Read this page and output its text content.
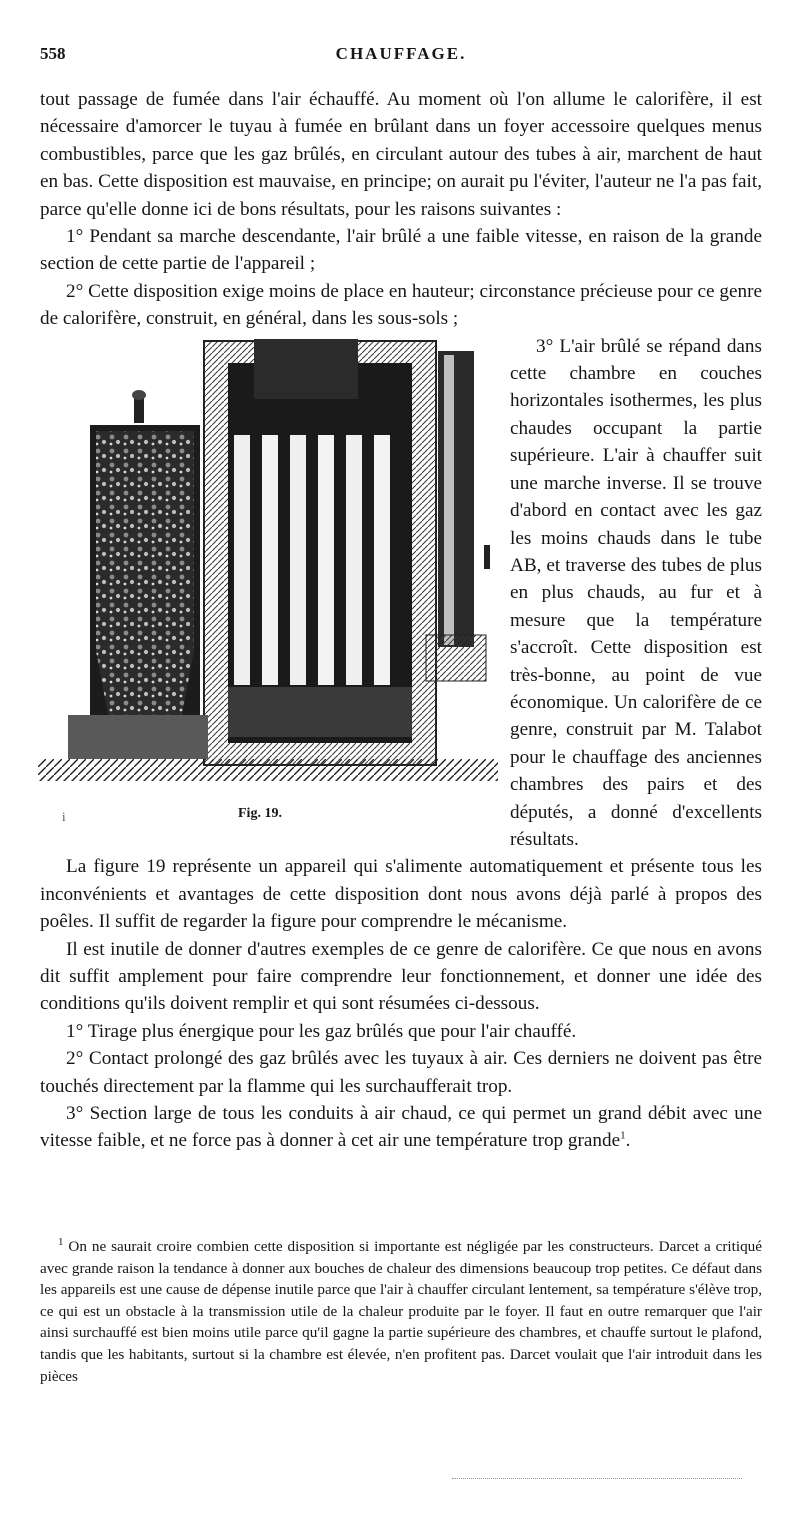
558	CHAUFFAGE.

tout passage de fumée dans l'air échauffé. Au moment où l'on allume le calorifère, il est nécessaire d'amorcer le tuyau à fumée en brûlant dans un foyer accessoire quelques menus combustibles, parce que les gaz brûlés, en circulant autour des tubes à air, marchent de haut en bas. Cette disposition est mauvaise, en principe; on aurait pu l'éviter, l'auteur ne l'a pas fait, parce qu'elle donne ici de bons résultats, pour les raisons suivantes :

1° Pendant sa marche descendante, l'air brûlé a une faible vitesse, en raison de la grande section de cette partie de l'appareil ;

2° Cette disposition exige moins de place en hauteur; circonstance précieuse pour ce genre de calorifère, construit, en général, dans les sous-sols ;

i	Fig. 19.

3° L'air brûlé se répand dans cette chambre en couches horizontales isothermes, les plus chaudes occupant la partie supérieure. L'air à chauffer suit une marche inverse. Il se trouve d'abord en contact avec les gaz les moins chauds dans le tube AB, et traverse des tubes de plus en plus chauds, au fur et à mesure que la température s'accroît. Cette disposition est très-bonne, au point de vue économique. Un calorifère de ce genre, construit par M. Talabot pour le chauffage des anciennes chambres des pairs et des députés, a donné d'excellents résultats.

La figure 19 représente un appareil qui s'alimente automatiquement et présente tous les inconvénients et avantages de cette disposition dont nous avons déjà parlé à propos des poêles. Il suffit de regarder la figure pour comprendre le mécanisme.

Il est inutile de donner d'autres exemples de ce genre de calorifère. Ce que nous en avons dit suffit amplement pour faire comprendre leur fonctionnement, et donner une idée des conditions qu'ils doivent remplir et qui sont résumées ci-dessous.

1° Tirage plus énergique pour les gaz brûlés que pour l'air chauffé.

2° Contact prolongé des gaz brûlés avec les tuyaux à air. Ces derniers ne doivent pas être touchés directement par la flamme qui les surchaufferait trop.

3° Section large de tous les conduits à air chaud, ce qui permet un grand débit avec une vitesse faible, et ne force pas à donner à cet air une température trop grande$^1$.

$^1$ On ne saurait croire combien cette disposition si importante est négligée par les constructeurs. Darcet a critiqué avec grande raison la tendance à donner aux bouches de chaleur des dimensions beaucoup trop petites. Ce défaut dans les appareils est une cause de dépense inutile parce que l'air à chauffer circulant lentement, sa température s'élève trop, ce qui est un obstacle à la transmission utile de la chaleur produite par le foyer. Il faut en outre remarquer que l'air ainsi surchauffé est bien moins utile parce qu'il gagne la partie supérieure des chambres, et chauffe surtout le plafond, tandis que les habitants, surtout si la chambre est élevée, n'en profitent pas. Darcet voulait que l'air introduit dans les pièces
